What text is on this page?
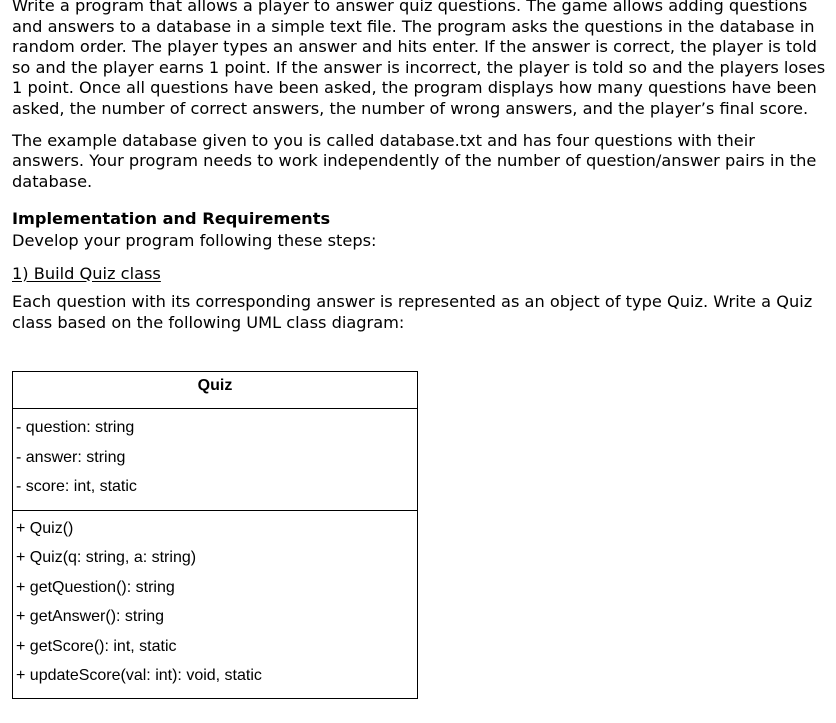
Write a program that allows a player to answer quiz questions. The game allows adding questions and answers to a database in a simple text file. The program asks the questions in the database in random order. The player types an answer and hits enter. If the answer is correct, the player is told so and the player earns 1 point. If the answer is incorrect, the player is told so and the players loses 1 point. Once all questions have been asked, the program displays how many questions have been asked, the number of correct answers, the number of wrong answers, and the player’s final score.

The example database given to you is called database.txt and has four questions with their answers. Your program needs to work independently of the number of question/answer pairs in the database.

Implementation and Requirements

Develop your program following these steps:

1) Build Quiz class

Each question with its corresponding answer is represented as an object of type Quiz. Write a Quiz class based on the following UML class diagram:

Quiz
- question: string
- answer: string
- score: int, static
+ Quiz()
+ Quiz(q: string, a: string)
+ getQuestion(): string
+ getAnswer(): string
+ getScore(): int, static
+ updateScore(val: int): void, static
